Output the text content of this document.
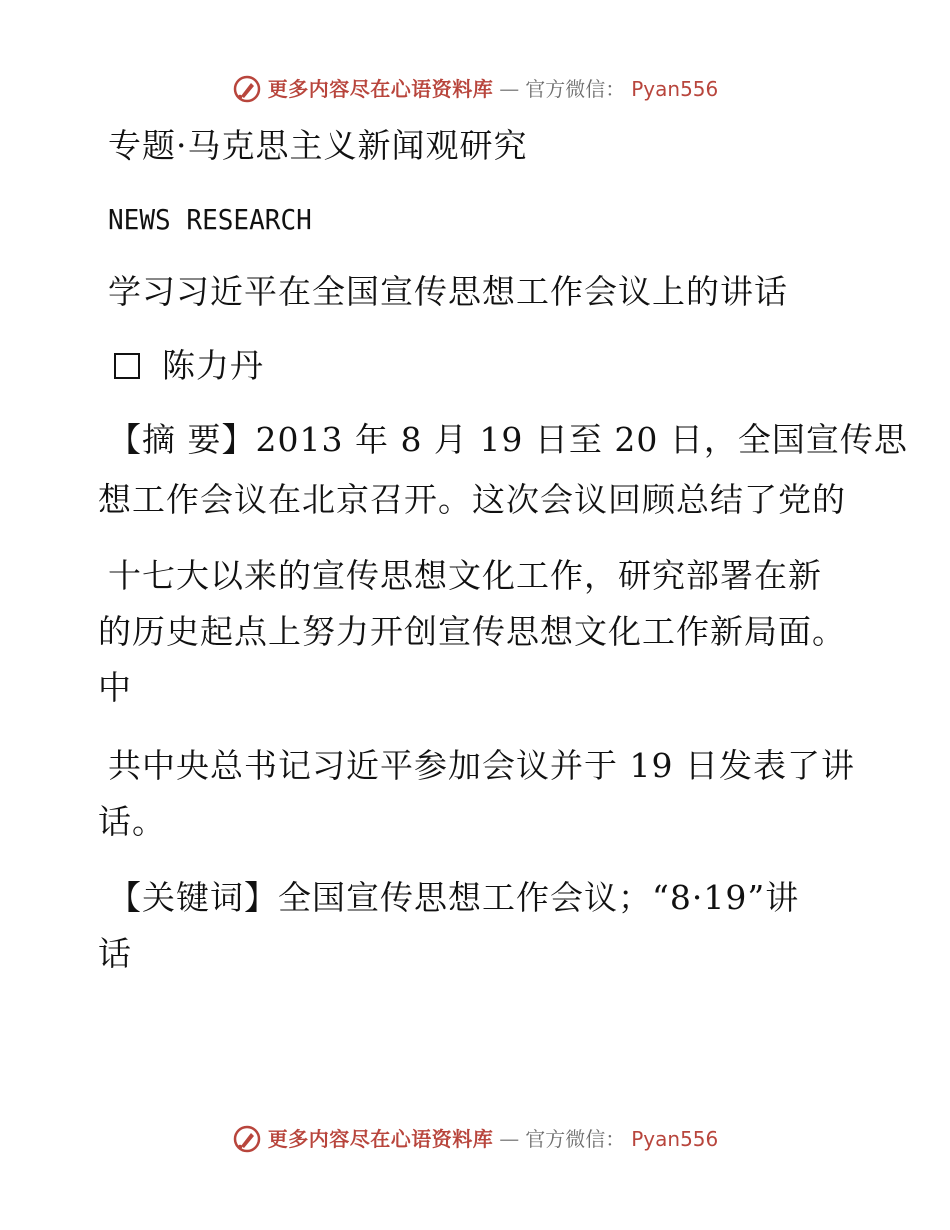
更多内容尽在心语资料库 — 官方微信： Pyan556
专题·马克思主义新闻观研究
NEWS RESEARCH
学习习近平在全国宣传思想工作会议上的讲话
陈力丹
【摘 要】2013 年 8 月 19 日至 20 日，全国宣传思
想工作会议在北京召开。这次会议回顾总结了党的
十七大以来的宣传思想文化工作，研究部署在新
的历史起点上努力开创宣传思想文化工作新局面。
中
共中央总书记习近平参加会议并于 19 日发表了讲
话。
【关键词】全国宣传思想工作会议；“8·19”讲
话
更多内容尽在心语资料库 — 官方微信： Pyan556
